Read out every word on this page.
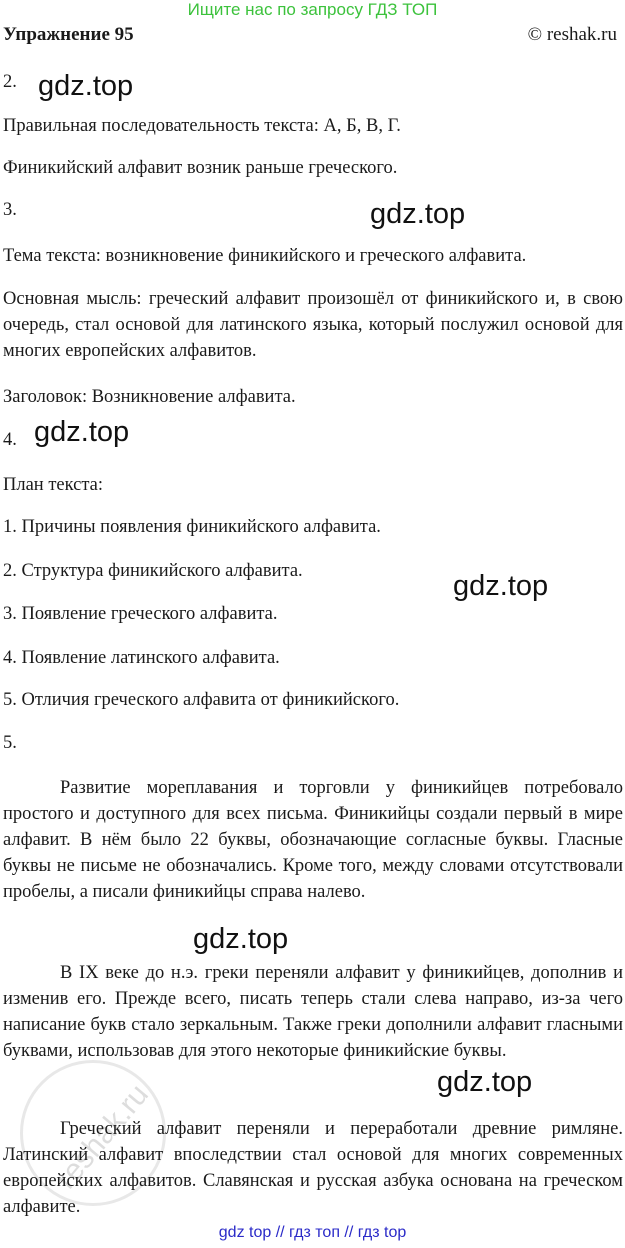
Ищите нас по запросу ГДЗ ТОП
Упражнение 95	© reshak.ru
2. gdz.top
Правильная последовательность текста: А, Б, В, Г.
Финикийский алфавит возник раньше греческого.
3.	gdz.top
Тема текста: возникновение финикийского и греческого алфавита.
Основная мысль: греческий алфавит произошёл от финикийского и, в свою очередь, стал основой для латинского языка, который послужил основой для многих европейских алфавитов.
Заголовок: Возникновение алфавита.
4. gdz.top
План текста:
1. Причины появления финикийского алфавита.
2. Структура финикийского алфавита.	gdz.top
3. Появление греческого алфавита.
4. Появление латинского алфавита.
5. Отличия греческого алфавита от финикийского.
5.
Развитие мореплавания и торговли у финикийцев потребовало простого и доступного для всех письма. Финикийцы создали первый в мире алфавит. В нём было 22 буквы, обозначающие согласные буквы. Гласные буквы не письме не обозначались. Кроме того, между словами отсутствовали пробелы, а писали финикийцы справа налево.
gdz.top
В IX веке до н.э. греки переняли алфавит у финикийцев, дополнив и изменив его. Прежде всего, писать теперь стали слева направо, из-за чего написание букв стало зеркальным. Также греки дополнили алфавит гласными буквами, использовав для этого некоторые финикийские буквы.
gdz.top
reshak.ru
Греческий алфавит переняли и переработали древние римляне. Латинский алфавит впоследствии стал основой для многих современных европейских алфавитов. Славянская и русская азбука основана на греческом алфавите.
gdz top // гдз топ // гдз top
